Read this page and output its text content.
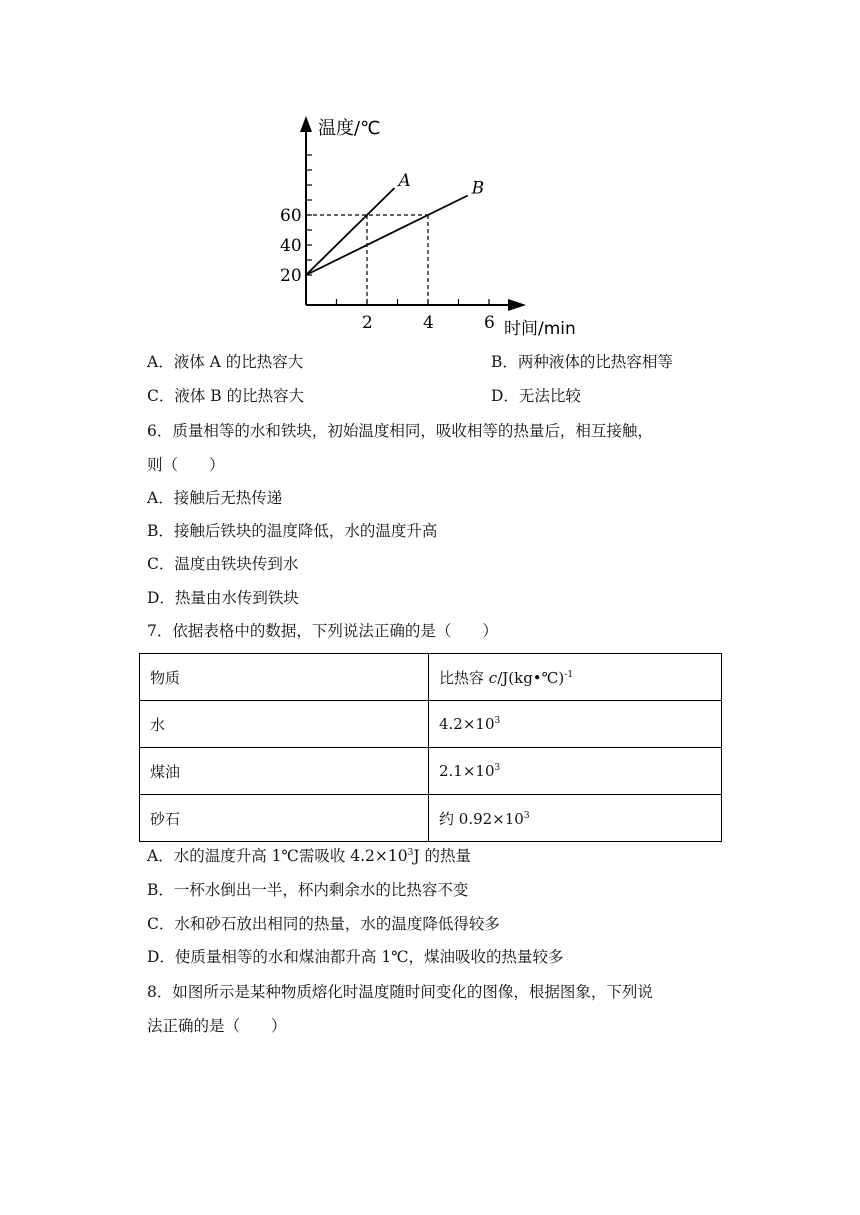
20
40
60
2	4	6
A	B
温度/℃
时间/min
A．液体 A 的比热容大	B．两种液体的比热容相等
C．液体 B 的比热容大	D．无法比较
6．质量相等的水和铁块，初始温度相同，吸收相等的热量后，相互接触，
则（　　）
A．接触后无热传递
B．接触后铁块的温度降低，水的温度升高
C．温度由铁块传到水
D．热量由水传到铁块
7．依据表格中的数据，下列说法正确的是（　　）
物质	比热容 c/J(kg•℃)$^{-1}$
水	$4.2\times 10^3$
煤油	$2.1\times 10^3$
砂石	约 $0.92\times 10^3$
A．水的温度升高 1℃需吸收 $4.2\times 10^3J$ 的热量
B．一杯水倒出一半，杯内剩余水的比热容不变
C．水和砂石放出相同的热量，水的温度降低得较多
D．使质量相等的水和煤油都升高 1℃，煤油吸收的热量较多
8．如图所示是某种物质熔化时温度随时间变化的图像，根据图象，下列说
法正确的是（　　）
